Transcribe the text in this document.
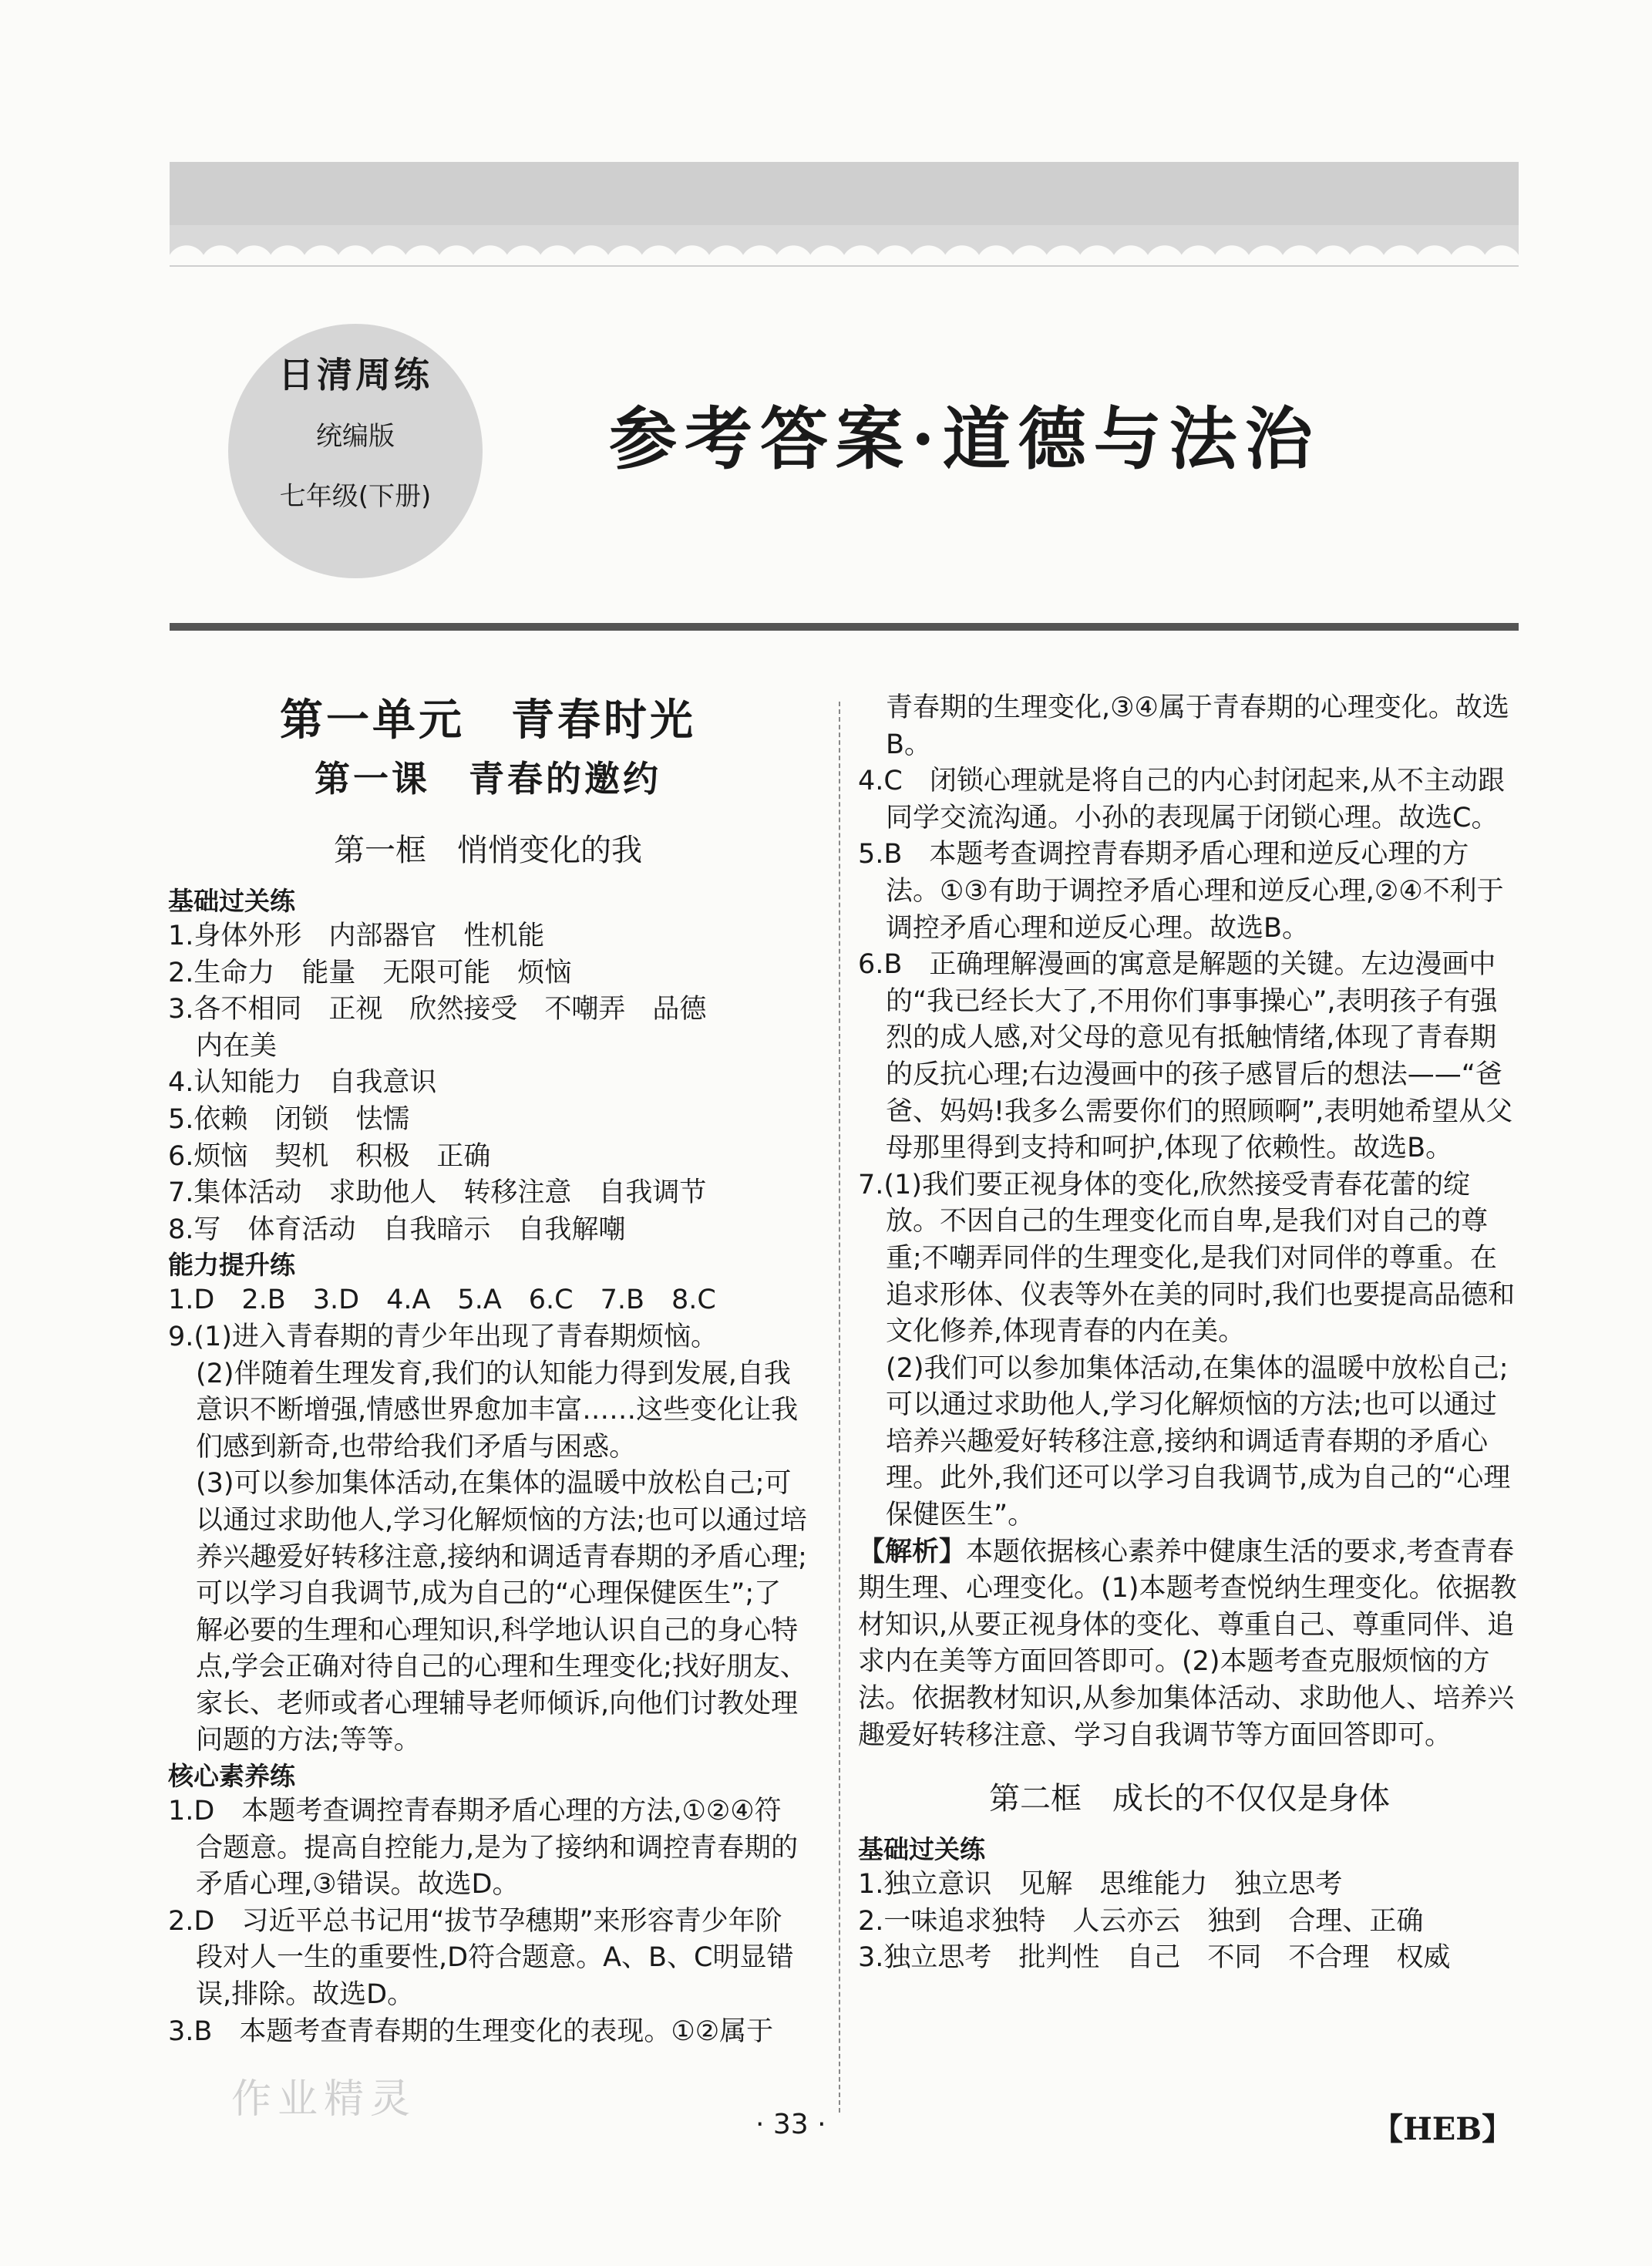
日清周练
统编版
七年级(下册)
参考答案·道德与法治
第一单元　青春时光
第一课　青春的邀约
第一框　悄悄变化的我
基础过关练
1.身体外形　内部器官　性机能
2.生命力　能量　无限可能　烦恼
3.各不相同　正视　欣然接受　不嘲弄　品德
内在美
4.认知能力　自我意识
5.依赖　闭锁　怯懦
6.烦恼　契机　积极　正确
7.集体活动　求助他人　转移注意　自我调节
8.写　体育活动　自我暗示　自我解嘲
能力提升练
1.D　2.B　3.D　4.A　5.A　6.C　7.B　8.C
9.(1)进入青春期的青少年出现了青春期烦恼。
(2)伴随着生理发育,我们的认知能力得到发展,自我意识不断增强,情感世界愈加丰富……这些变化让我们感到新奇,也带给我们矛盾与困惑。
(3)可以参加集体活动,在集体的温暖中放松自己;可以通过求助他人,学习化解烦恼的方法;也可以通过培养兴趣爱好转移注意,接纳和调适青春期的矛盾心理;可以学习自我调节,成为自己的“心理保健医生”;了解必要的生理和心理知识,科学地认识自己的身心特点,学会正确对待自己的心理和生理变化;找好朋友、家长、老师或者心理辅导老师倾诉,向他们讨教处理问题的方法;等等。
核心素养练
1.D　本题考查调控青春期矛盾心理的方法,①②④符合题意。提高自控能力,是为了接纳和调控青春期的矛盾心理,③错误。故选D。
2.D　习近平总书记用“拔节孕穗期”来形容青少年阶段对人一生的重要性,D符合题意。A、B、C明显错误,排除。故选D。
3.B　本题考查青春期的生理变化的表现。①②属于
青春期的生理变化,③④属于青春期的心理变化。故选B。
4.C　闭锁心理就是将自己的内心封闭起来,从不主动跟同学交流沟通。小孙的表现属于闭锁心理。故选C。
5.B　本题考查调控青春期矛盾心理和逆反心理的方法。①③有助于调控矛盾心理和逆反心理,②④不利于调控矛盾心理和逆反心理。故选B。
6.B　正确理解漫画的寓意是解题的关键。左边漫画中的“我已经长大了,不用你们事事操心”,表明孩子有强烈的成人感,对父母的意见有抵触情绪,体现了青春期的反抗心理;右边漫画中的孩子感冒后的想法——“爸爸、妈妈!我多么需要你们的照顾啊”,表明她希望从父母那里得到支持和呵护,体现了依赖性。故选B。
7.(1)我们要正视身体的变化,欣然接受青春花蕾的绽放。不因自己的生理变化而自卑,是我们对自己的尊重;不嘲弄同伴的生理变化,是我们对同伴的尊重。在追求形体、仪表等外在美的同时,我们也要提高品德和文化修养,体现青春的内在美。
(2)我们可以参加集体活动,在集体的温暖中放松自己;可以通过求助他人,学习化解烦恼的方法;也可以通过培养兴趣爱好转移注意,接纳和调适青春期的矛盾心理。此外,我们还可以学习自我调节,成为自己的“心理保健医生”。
【解析】本题依据核心素养中健康生活的要求,考查青春期生理、心理变化。(1)本题考查悦纳生理变化。依据教材知识,从要正视身体的变化、尊重自己、尊重同伴、追求内在美等方面回答即可。(2)本题考查克服烦恼的方法。依据教材知识,从参加集体活动、求助他人、培养兴趣爱好转移注意、学习自我调节等方面回答即可。
第二框　成长的不仅仅是身体
基础过关练
1.独立意识　见解　思维能力　独立思考
2.一味追求独特　人云亦云　独到　合理、正确
3.独立思考　批判性　自己　不同　不合理　权威
作业精灵
· 33 ·	【HEB】
